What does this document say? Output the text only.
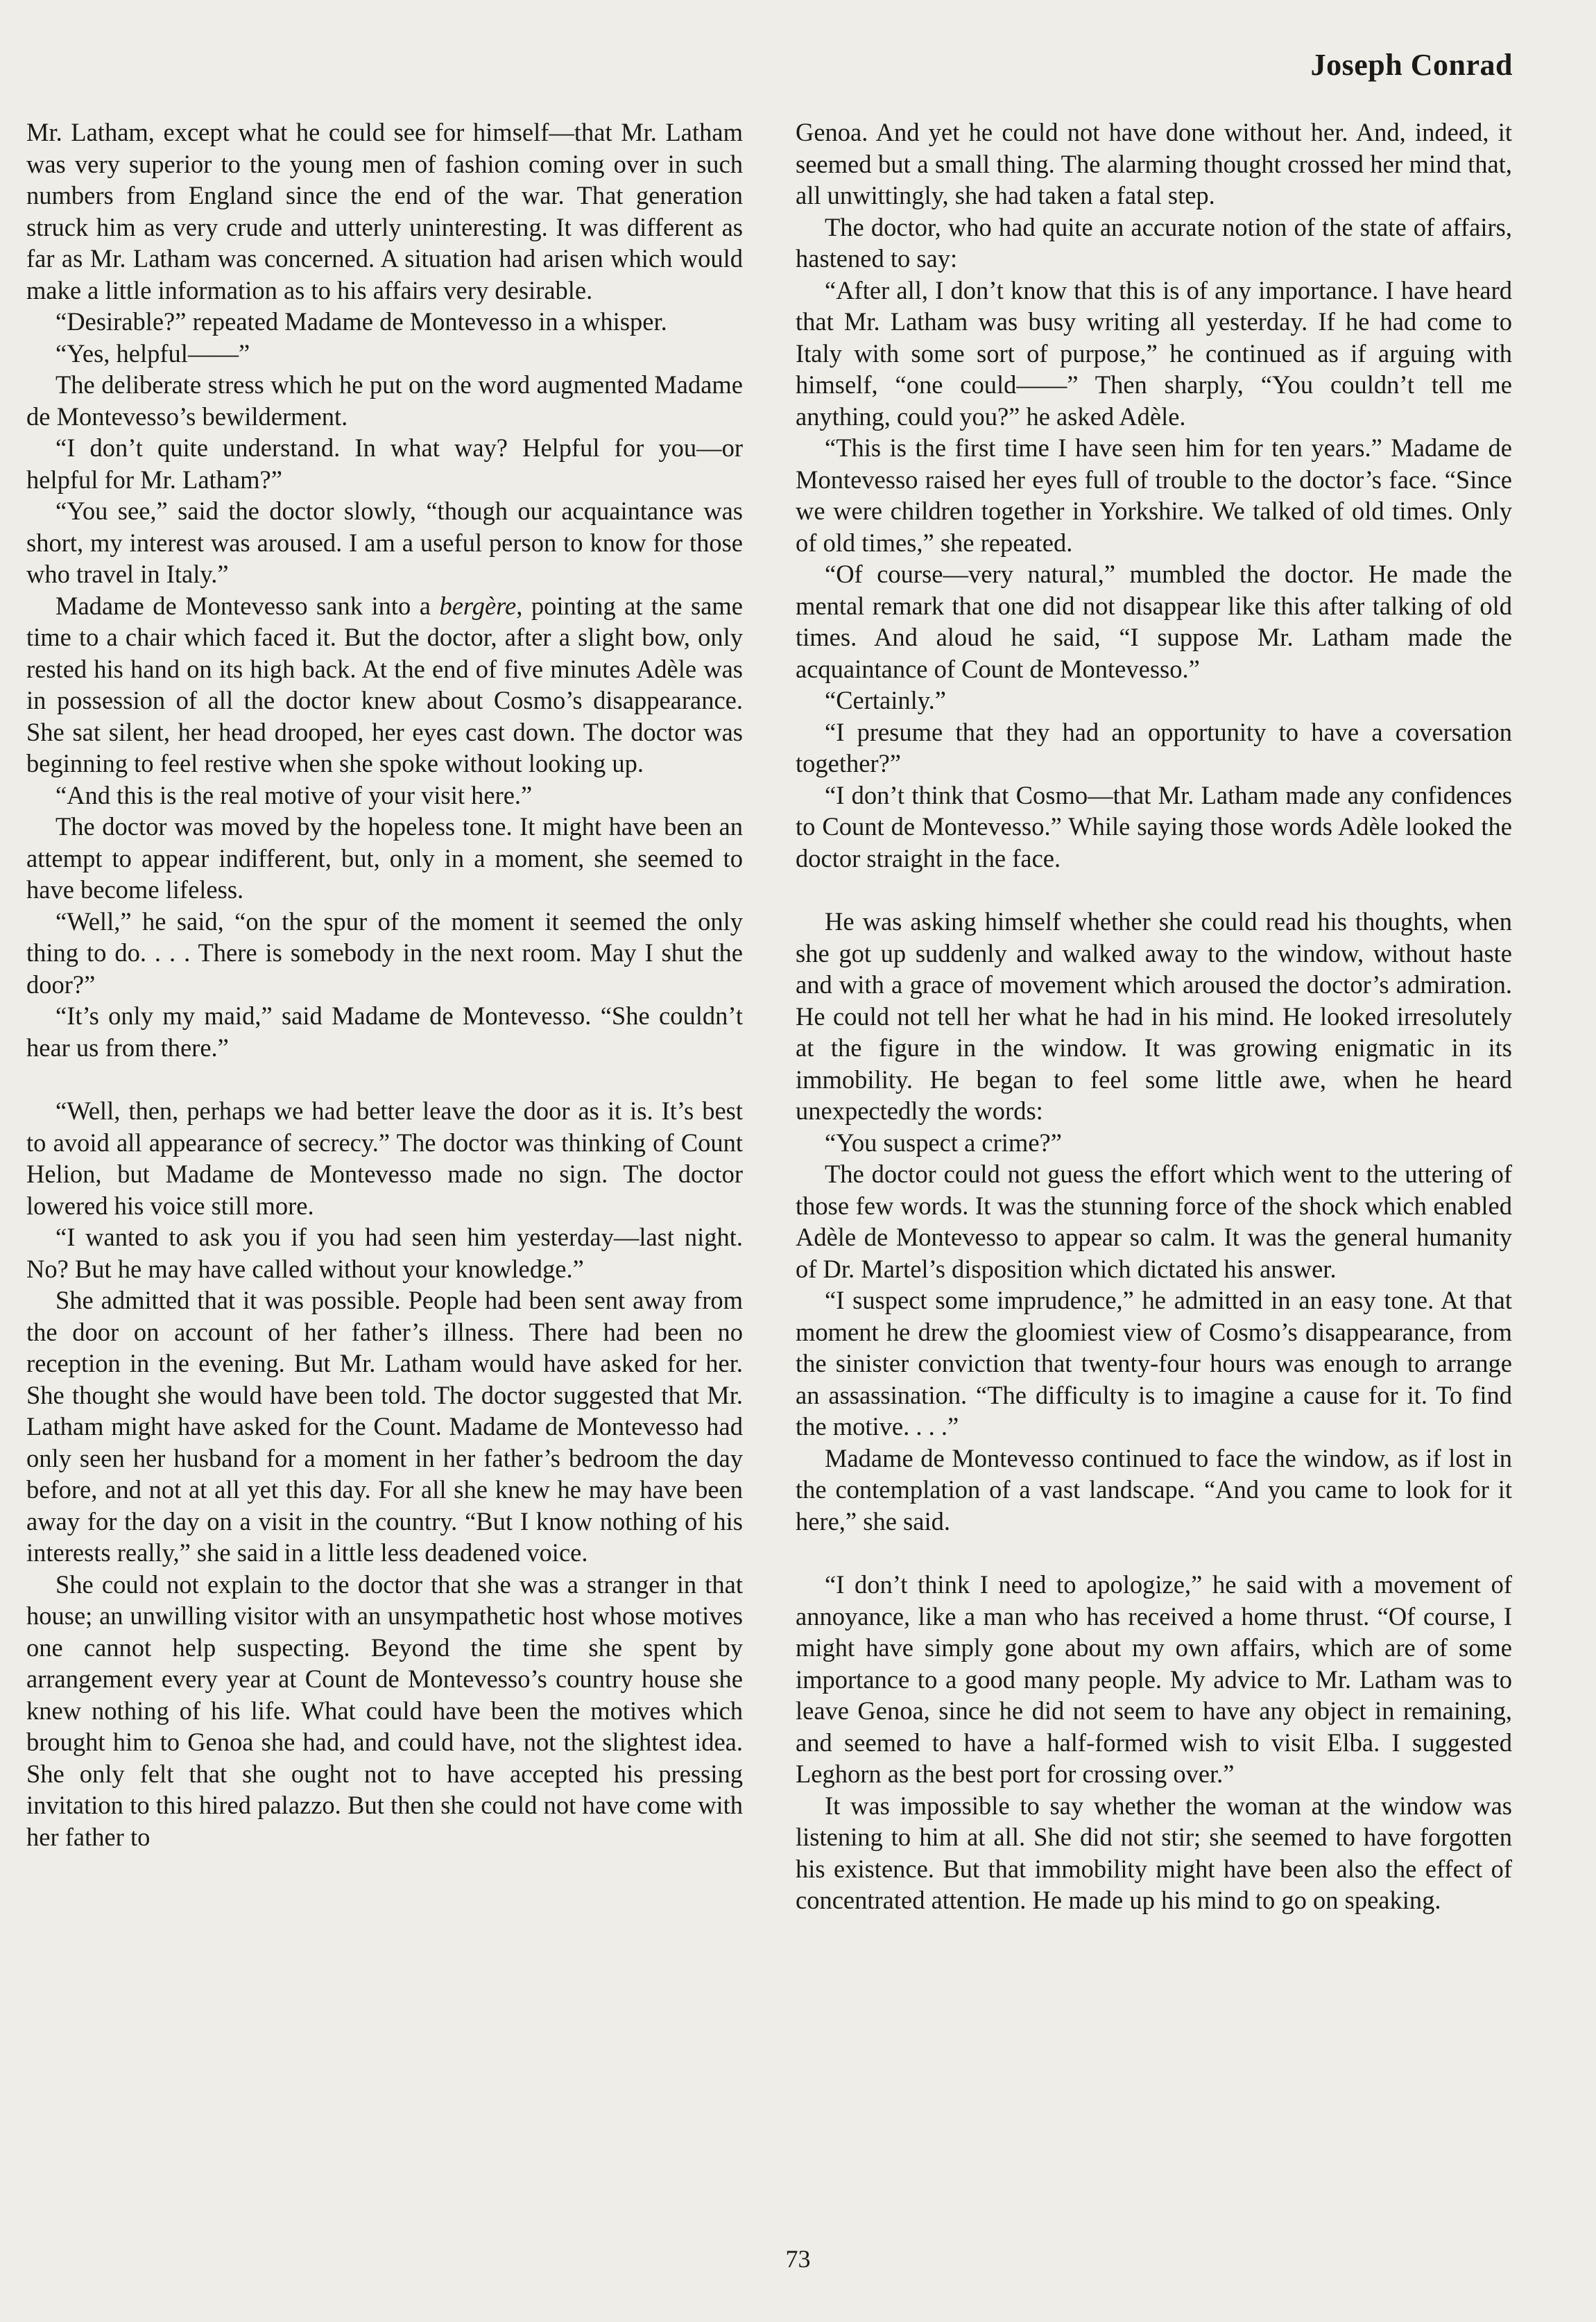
Joseph Conrad

Mr. Latham, except what he could see for himself—that Mr. Latham was very superior to the young men of fashion coming over in such numbers from England since the end of the war. That generation struck him as very crude and utterly uninteresting. It was different as far as Mr. Latham was concerned. A situation had arisen which would make a little information as to his affairs very desirable.

“Desirable?” repeated Madame de Montevesso in a whisper.

“Yes, helpful——”

The deliberate stress which he put on the word augmented Madame de Montevesso’s bewilderment.

“I don’t quite understand. In what way? Helpful for you—or helpful for Mr. Latham?”

“You see,” said the doctor slowly, “though our acquaintance was short, my interest was aroused. I am a useful person to know for those who travel in Italy.”

Madame de Montevesso sank into a bergère, pointing at the same time to a chair which faced it. But the doctor, after a slight bow, only rested his hand on its high back. At the end of five minutes Adèle was in possession of all the doctor knew about Cosmo’s disappearance. She sat silent, her head drooped, her eyes cast down. The doctor was beginning to feel restive when she spoke without looking up.

“And this is the real motive of your visit here.”

The doctor was moved by the hopeless tone. It might have been an attempt to appear indifferent, but, only in a moment, she seemed to have become lifeless.

“Well,” he said, “on the spur of the moment it seemed the only thing to do. . . . There is somebody in the next room. May I shut the door?”

“It’s only my maid,” said Madame de Montevesso. “She couldn’t hear us from there.”

“Well, then, perhaps we had better leave the door as it is. It’s best to avoid all appearance of secrecy.” The doctor was thinking of Count Helion, but Madame de Montevesso made no sign. The doctor lowered his voice still more.

“I wanted to ask you if you had seen him yesterday—last night. No? But he may have called without your knowledge.”

She admitted that it was possible. People had been sent away from the door on account of her father’s illness. There had been no reception in the evening. But Mr. Latham would have asked for her. She thought she would have been told. The doctor suggested that Mr. Latham might have asked for the Count. Madame de Montevesso had only seen her husband for a moment in her father’s bedroom the day before, and not at all yet this day. For all she knew he may have been away for the day on a visit in the country. “But I know nothing of his interests really,” she said in a little less deadened voice.

She could not explain to the doctor that she was a stranger in that house; an unwilling visitor with an unsympathetic host whose motives one cannot help suspecting. Beyond the time she spent by arrangement every year at Count de Montevesso’s country house she knew nothing of his life. What could have been the motives which brought him to Genoa she had, and could have, not the slightest idea. She only felt that she ought not to have accepted his pressing invitation to this hired palazzo. But then she could not have come with her father to

Genoa. And yet he could not have done without her. And, indeed, it seemed but a small thing. The alarming thought crossed her mind that, all unwittingly, she had taken a fatal step.

The doctor, who had quite an accurate notion of the state of affairs, hastened to say:

“After all, I don’t know that this is of any importance. I have heard that Mr. Latham was busy writing all yesterday. If he had come to Italy with some sort of purpose,” he continued as if arguing with himself, “one could——” Then sharply, “You couldn’t tell me anything, could you?” he asked Adèle.

“This is the first time I have seen him for ten years.” Madame de Montevesso raised her eyes full of trouble to the doctor’s face. “Since we were children together in Yorkshire. We talked of old times. Only of old times,” she repeated.

“Of course—very natural,” mumbled the doctor. He made the mental remark that one did not disappear like this after talking of old times. And aloud he said, “I suppose Mr. Latham made the acquaintance of Count de Montevesso.”

“Certainly.”

“I presume that they had an opportunity to have a coversation together?”

“I don’t think that Cosmo—that Mr. Latham made any confidences to Count de Montevesso.” While saying those words Adèle looked the doctor straight in the face.

He was asking himself whether she could read his thoughts, when she got up suddenly and walked away to the window, without haste and with a grace of movement which aroused the doctor’s admiration. He could not tell her what he had in his mind. He looked irresolutely at the figure in the window. It was growing enigmatic in its immobility. He began to feel some little awe, when he heard unexpectedly the words:

“You suspect a crime?”

The doctor could not guess the effort which went to the uttering of those few words. It was the stunning force of the shock which enabled Adèle de Montevesso to appear so calm. It was the general humanity of Dr. Martel’s disposition which dictated his answer.

“I suspect some imprudence,” he admitted in an easy tone. At that moment he drew the gloomiest view of Cosmo’s disappearance, from the sinister conviction that twenty-four hours was enough to arrange an assassination. “The difficulty is to imagine a cause for it. To find the motive. . . .”

Madame de Montevesso continued to face the window, as if lost in the contemplation of a vast landscape. “And you came to look for it here,” she said.

“I don’t think I need to apologize,” he said with a movement of annoyance, like a man who has received a home thrust. “Of course, I might have simply gone about my own affairs, which are of some importance to a good many people. My advice to Mr. Latham was to leave Genoa, since he did not seem to have any object in remaining, and seemed to have a half-formed wish to visit Elba. I suggested Leghorn as the best port for crossing over.”

It was impossible to say whether the woman at the window was listening to him at all. She did not stir; she seemed to have forgotten his existence. But that immobility might have been also the effect of concentrated attention. He made up his mind to go on speaking.

73
